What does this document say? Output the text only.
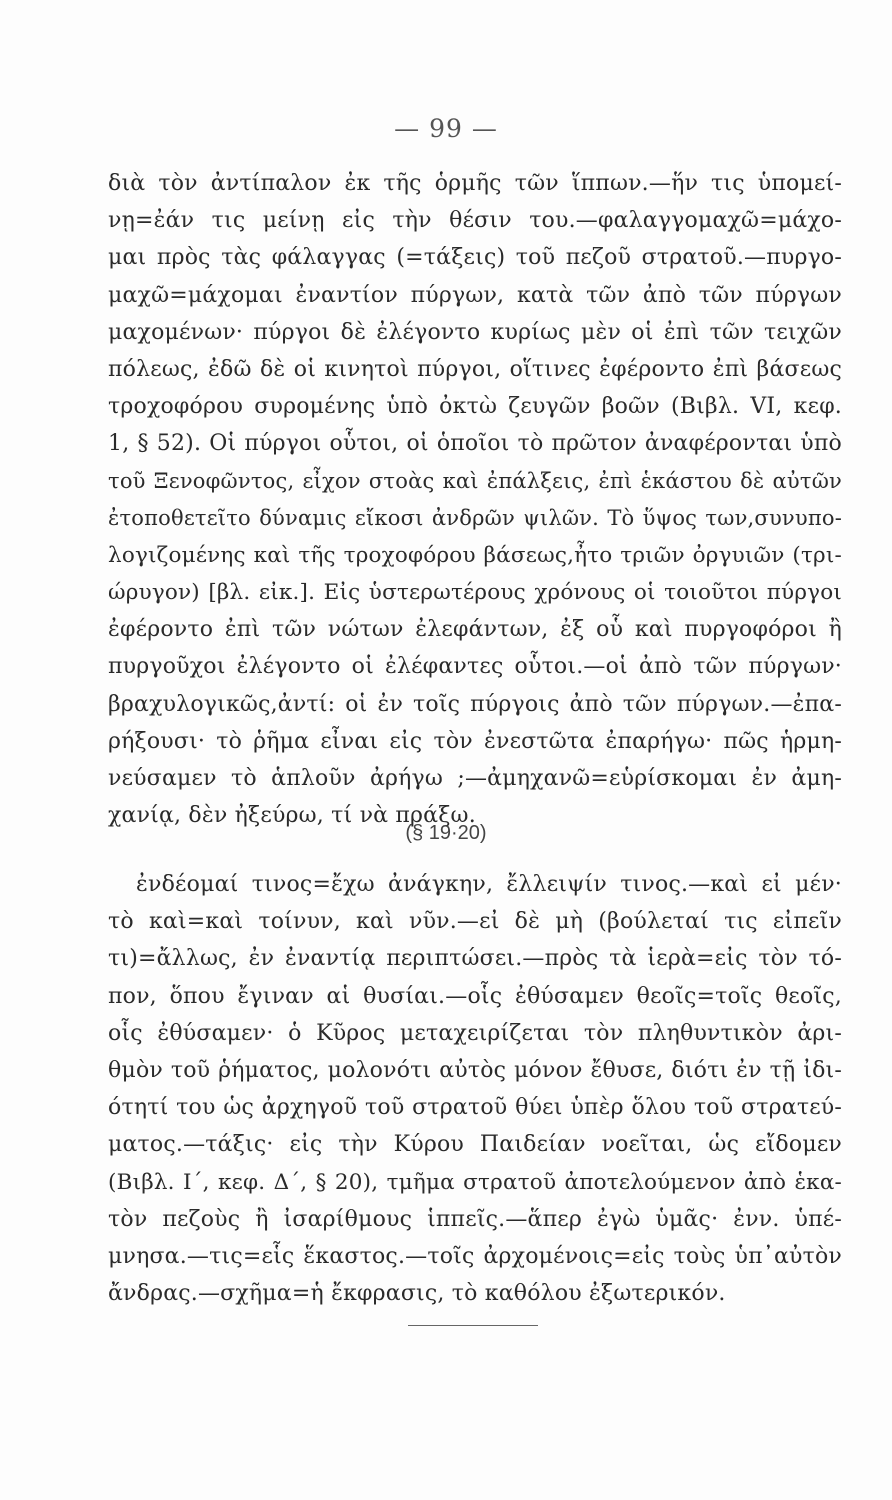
— 99 —
διὰ τὸν ἀντίπαλον ἐκ τῆς ὁρμῆς τῶν ἵππων.—ἥν τις ὑπομεί-
νῃ=ἐάν τις μείνῃ εἰς τὴν θέσιν του.—φαλαγγομαχῶ=μάχο-
μαι πρὸς τὰς φάλαγγας (=τάξεις) τοῦ πεζοῦ στρατοῦ.—πυργο-
μαχῶ=μάχομαι ἐναντίον πύργων, κατὰ τῶν ἀπὸ τῶν πύργων
μαχομένων· πύργοι δὲ ἐλέγοντο κυρίως μὲν οἱ ἐπὶ τῶν τειχῶν
πόλεως, ἐδῶ δὲ οἱ κινητοὶ πύργοι, οἵτινες ἐφέροντο ἐπὶ βάσεως
τροχοφόρου συρομένης ὑπὸ ὀκτὼ ζευγῶν βοῶν (Βιβλ. VI, κεφ.
1, § 52). Οἱ πύργοι οὗτοι, οἱ ὁποῖοι τὸ πρῶτον ἀναφέρονται ὑπὸ
τοῦ Ξενοφῶντος, εἶχον στοὰς καὶ ἐπάλξεις, ἐπὶ ἑκάστου δὲ αὐτῶν
ἐτοποθετεῖτο δύναμις εἴκοσι ἀνδρῶν ψιλῶν. Τὸ ὕψος των,συνυπο-
λογιζομένης καὶ τῆς τροχοφόρου βάσεως,ἦτο τριῶν ὀργυιῶν (τρι-
ώρυγον) [βλ. εἰκ.]. Εἰς ὑστερωτέρους χρόνους οἱ τοιοῦτοι πύργοι
ἐφέροντο ἐπὶ τῶν νώτων ἐλεφάντων, ἐξ οὗ καὶ πυργοφόροι ἢ
πυργοῦχοι ἐλέγοντο οἱ ἐλέφαντες οὗτοι.—οἱ ἀπὸ τῶν πύργων·
βραχυλογικῶς,ἀντί: οἱ ἐν τοῖς πύργοις ἀπὸ τῶν πύργων.—ἐπα-
ρήξουσι· τὸ ῥῆμα εἶναι εἰς τὸν ἐνεστῶτα ἐπαρήγω· πῶς ἡρμη-
νεύσαμεν τὸ ἁπλοῦν ἀρήγω ;—ἀμηχανῶ=εὑρίσκομαι ἐν ἀμη-
χανίᾳ, δὲν ἠξεύρω, τί νὰ πράξω.
(§ 19·20)
ἐνδέομαί τινος=ἔχω ἀνάγκην, ἔλλειψίν τινος.—καὶ εἰ μέν·
τὸ καὶ=καὶ τοίνυν, καὶ νῦν.—εἰ δὲ μὴ (βούλεταί τις εἰπεῖν
τι)=ἄλλως, ἐν ἐναντίᾳ περιπτώσει.—πρὸς τὰ ἱερὰ=εἰς τὸν τό-
πον, ὅπου ἔγιναν αἱ θυσίαι.—οἷς ἐθύσαμεν θεοῖς=τοῖς θεοῖς,
οἷς ἐθύσαμεν· ὁ Κῦρος μεταχειρίζεται τὸν πληθυντικὸν ἀρι-
θμὸν τοῦ ῥήματος, μολονότι αὐτὸς μόνον ἔθυσε, διότι ἐν τῇ ἰδι-
ότητί του ὡς ἀρχηγοῦ τοῦ στρατοῦ θύει ὑπὲρ ὅλου τοῦ στρατεύ-
ματος.—τάξις· εἰς τὴν Κύρου Παιδείαν νοεῖται, ὡς εἴδομεν
(Βιβλ. Ι΄, κεφ. Δ΄, § 20), τμῆμα στρατοῦ ἀποτελούμενον ἀπὸ ἑκα-
τὸν πεζοὺς ἢ ἰσαρίθμους ἱππεῖς.—ἅπερ ἐγὼ ὑμᾶς· ἐνν. ὑπέ-
μνησα.—τις=εἷς ἕκαστος.—τοῖς ἀρχομένοις=εἰς τοὺς ὑπ᾽αὐτὸν
ἄνδρας.—σχῆμα=ἡ ἔκφρασις, τὸ καθόλου ἐξωτερικόν.
